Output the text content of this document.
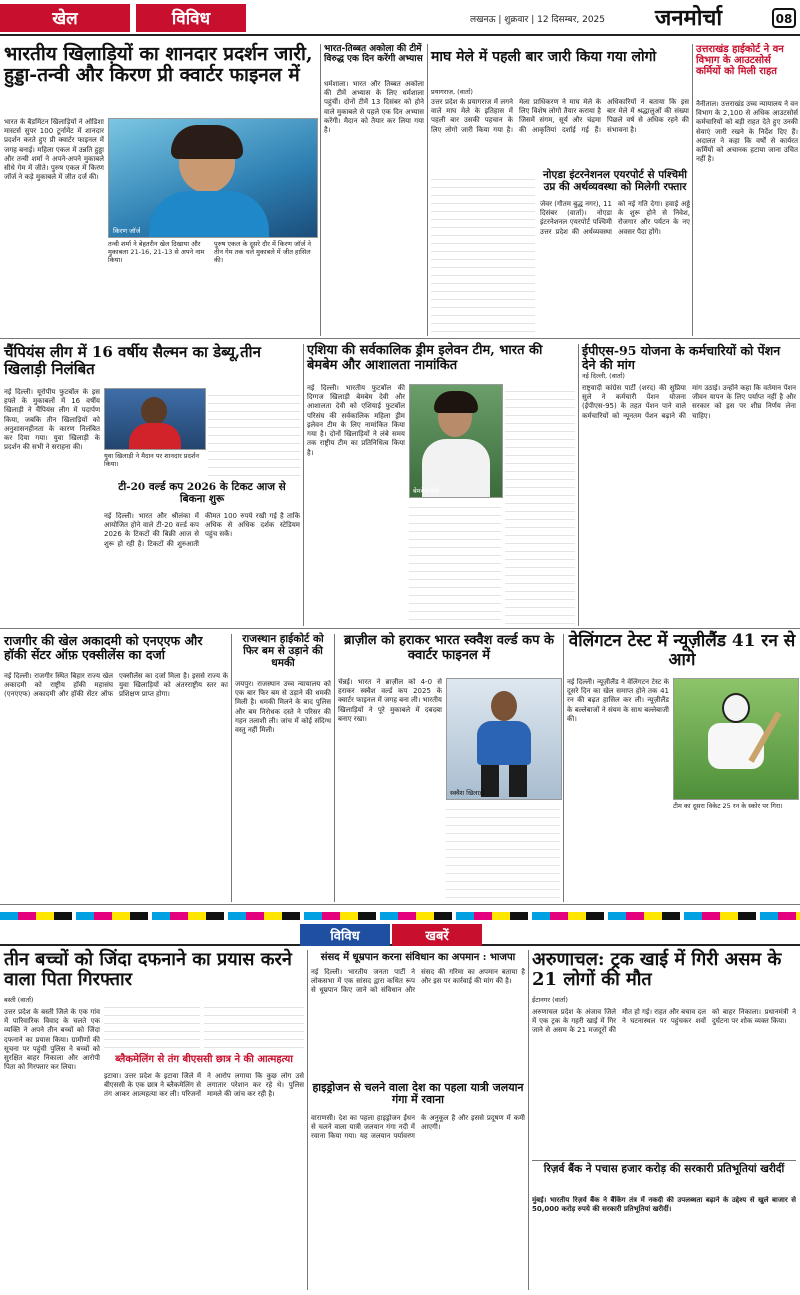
खेल	विविध	लखनऊ | शुक्रवार | 12 दिसम्बर, 2025 जनमोर्चा	08
भारतीय खिलाड़ियों का शानदार प्रदर्शन जारी, हुड्डा-तन्वी और किरण प्री क्वार्टर फाइनल में
भारत के बैडमिंटन खिलाड़ियों ने ओडिशा मास्टर्स सुपर 100 टूर्नामेंट में शानदार प्रदर्शन करते हुए प्री क्वार्टर फाइनल में जगह बनाई। महिला एकल में उन्नति हुड्डा और तन्वी शर्मा ने अपने-अपने मुकाबले सीधे गेम में जीते। पुरुष एकल में किरण जॉर्ज ने कड़े मुकाबले में जीत दर्ज की।
किरण जॉर्ज
तन्वी शर्मा ने बेहतरीन खेल दिखाया और मुकाबला 21-16, 21-13 से अपने नाम किया।
पुरुष एकल के दूसरे दौर में किरण जॉर्ज ने तीन गेम तक चले मुकाबले में जीत हासिल की।
भारत-तिब्बत अकोला की टीमें विरुद्ध एक दिन करेंगी अभ्यास
धर्मशाला। भारत और तिब्बत अकोला की टीमें अभ्यास के लिए धर्मशाला पहुंचीं। दोनों टीमें 13 दिसंबर को होने वाले मुकाबले से पहले एक दिन अभ्यास करेंगी। मैदान को तैयार कर लिया गया है।
माघ मेले में पहली बार जारी किया गया लोगो
प्रयागराज, (वार्ता)
उत्तर प्रदेश के प्रयागराज में लगने वाले माघ मेले के इतिहास में पहली बार उसकी पहचान के लिए लोगो जारी किया गया है। मेला प्राधिकरण ने माघ मेले के लिए विशेष लोगो तैयार कराया है जिसमें संगम, सूर्य और चंद्रमा की आकृतियां दर्शाई गई हैं। अधिकारियों ने बताया कि इस बार मेले में श्रद्धालुओं की संख्या पिछले वर्ष से अधिक रहने की संभावना है।
नोएडा इंटरनेशनल एयरपोर्ट से पश्चिमी उप्र की अर्थव्यवस्था को मिलेगी रफ्तार
जेवर (गौतम बुद्ध नगर), 11 दिसंबर (वार्ता)। नोएडा इंटरनेशनल एयरपोर्ट पश्चिमी उत्तर प्रदेश की अर्थव्यवस्था को नई गति देगा। हवाई अड्डे के शुरू होने से निवेश, रोजगार और पर्यटन के नए अवसर पैदा होंगे।
उत्तराखंड हाईकोर्ट ने वन विभाग के आउटसोर्स कर्मियों को मिली राहत
नैनीताल। उत्तराखंड उच्च न्यायालय ने वन विभाग के 2,100 से अधिक आउटसोर्स कर्मचारियों को बड़ी राहत देते हुए उनकी सेवाएं जारी रखने के निर्देश दिए हैं। अदालत ने कहा कि वर्षों से कार्यरत कर्मियों को अचानक हटाया जाना उचित नहीं है।
चैंपियंस लीग में 16 वर्षीय सैल्मन का डेब्यू,तीन खिलाड़ी निलंबित
नई दिल्ली। यूरोपीय फुटबॉल के इस हफ्ते के मुकाबलों में 16 वर्षीय खिलाड़ी ने चैंपियंस लीग में पदार्पण किया, जबकि तीन खिलाड़ियों को अनुशासनहीनता के कारण निलंबित कर दिया गया। युवा खिलाड़ी के प्रदर्शन की सभी ने सराहना की।
युवा खिलाड़ी ने मैदान पर शानदार प्रदर्शन किया।
टी-20 वर्ल्ड कप 2026 के टिकट आज से बिकना शुरू
नई दिल्ली। भारत और श्रीलंका में आयोजित होने वाले टी-20 वर्ल्ड कप 2026 के टिकटों की बिक्री आज से शुरू हो रही है। टिकटों की शुरुआती कीमत 100 रुपये रखी गई है ताकि अधिक से अधिक दर्शक स्टेडियम पहुंच सकें।
एशिया की सर्वकालिक ड्रीम इलेवन टीम, भारत की बेमबेम और आशालता नामांकित
नई दिल्ली। भारतीय फुटबॉल की दिग्गज खिलाड़ी बेमबेम देवी और आशालता देवी को एशियाई फुटबॉल परिसंघ की सर्वकालिक महिला ड्रीम इलेवन टीम के लिए नामांकित किया गया है। दोनों खिलाड़ियों ने लंबे समय तक राष्ट्रीय टीम का प्रतिनिधित्व किया है।
बेमबेम देवी
ईपीएस-95 योजना के कर्मचारियों को पेंशन देने की मांग
नई दिल्ली, (वार्ता)
राष्ट्रवादी कांग्रेस पार्टी (शरद) की सुप्रिया सुले ने कर्मचारी पेंशन योजना (ईपीएस-95) के तहत पेंशन पाने वाले कर्मचारियों को न्यूनतम पेंशन बढ़ाने की मांग उठाई। उन्होंने कहा कि वर्तमान पेंशन जीवन यापन के लिए पर्याप्त नहीं है और सरकार को इस पर शीघ्र निर्णय लेना चाहिए।
राजगीर की खेल अकादमी को एनएएफ और हॉकी सेंटर ऑफ़ एक्सीलेंस का दर्जा
नई दिल्ली। राजगीर स्थित बिहार राज्य खेल अकादमी को राष्ट्रीय हॉकी महासंघ (एनएएफ) अकादमी और हॉकी सेंटर ऑफ एक्सीलेंस का दर्जा मिला है। इससे राज्य के युवा खिलाड़ियों को अंतरराष्ट्रीय स्तर का प्रशिक्षण प्राप्त होगा।
राजस्थान हाईकोर्ट को फिर बम से उड़ाने की धमकी
जयपुर। राजस्थान उच्च न्यायालय को एक बार फिर बम से उड़ाने की धमकी मिली है। धमकी मिलने के बाद पुलिस और बम निरोधक दस्ते ने परिसर की गहन तलाशी ली। जांच में कोई संदिग्ध वस्तु नहीं मिली।
ब्राज़ील को हराकर भारत स्क्वैश वर्ल्ड कप के क्वार्टर फाइनल में
चेन्नई। भारत ने ब्राज़ील को 4-0 से हराकर स्क्वैश वर्ल्ड कप 2025 के क्वार्टर फाइनल में जगह बना ली। भारतीय खिलाड़ियों ने पूरे मुकाबले में दबदबा बनाए रखा।
स्क्वैश खिलाड़ी
वेलिंगटन टेस्ट में न्यूज़ीलैंड 41 रन से आगे
नई दिल्ली। न्यूज़ीलैंड ने वेलिंगटन टेस्ट के दूसरे दिन का खेल समाप्त होने तक 41 रन की बढ़त हासिल कर ली। न्यूज़ीलैंड के बल्लेबाजों ने संयम के साथ बल्लेबाजी की।
टीम का दूसरा विकेट 25 रन के स्कोर पर गिरा।
विविध	खबरें
तीन बच्चों को जिंदा दफनाने का प्रयास करने वाला पिता गिरफ्तार
बस्ती (वार्ता)
उत्तर प्रदेश के बस्ती जिले के एक गांव में पारिवारिक विवाद के चलते एक व्यक्ति ने अपने तीन बच्चों को जिंदा दफनाने का प्रयास किया। ग्रामीणों की सूचना पर पहुंची पुलिस ने बच्चों को सुरक्षित बाहर निकाला और आरोपी पिता को गिरफ्तार कर लिया।
ब्लैकमेलिंग से तंग बीएससी छात्र ने की आत्महत्या
इटावा। उत्तर प्रदेश के इटावा जिले में बीएससी के एक छात्र ने ब्लैकमेलिंग से तंग आकर आत्महत्या कर ली। परिजनों ने आरोप लगाया कि कुछ लोग उसे लगातार परेशान कर रहे थे। पुलिस मामले की जांच कर रही है।
संसद में धूम्रपान करना संविधान का अपमान : भाजपा
नई दिल्ली। भारतीय जनता पार्टी ने लोकसभा में एक सांसद द्वारा कथित रूप से धूम्रपान किए जाने को संविधान और संसद की गरिमा का अपमान बताया है और इस पर कार्रवाई की मांग की है।
हाइड्रोजन से चलने वाला देश का पहला यात्री जलयान गंगा में रवाना
वाराणसी। देश का पहला हाइड्रोजन ईंधन से चलने वाला यात्री जलयान गंगा नदी में रवाना किया गया। यह जलयान पर्यावरण के अनुकूल है और इससे प्रदूषण में कमी आएगी।
अरुणाचल: ट्रक खाई में गिरी असम के 21 लोगों की मौत
ईटानगर (वार्ता)
अरुणाचल प्रदेश के अंजाव जिले में एक ट्रक के गहरी खाई में गिर जाने से असम के 21 मजदूरों की मौत हो गई। राहत और बचाव दल ने घटनास्थल पर पहुंचकर शवों को बाहर निकाला। प्रधानमंत्री ने दुर्घटना पर शोक व्यक्त किया।
रिज़र्व बैंक ने पचास हजार करोड़ की सरकारी प्रतिभूतियां खरीदीं
मुंबई। भारतीय रिज़र्व बैंक ने बैंकिंग तंत्र में नकदी की उपलब्धता बढ़ाने के उद्देश्य से खुले बाजार से 50,000 करोड़ रुपये की सरकारी प्रतिभूतियां खरीदीं।
